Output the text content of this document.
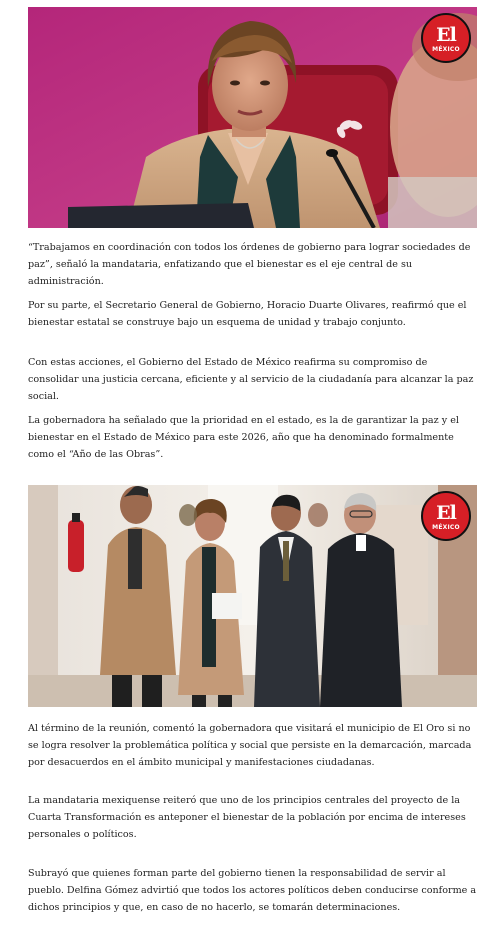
El
MÉXICO

“Trabajamos en coordinación con todos los órdenes de gobierno para lograr sociedades de paz”, señaló la mandataria, enfatizando que el bienestar es el eje central de su administración.

Por su parte, el Secretario General de Gobierno, Horacio Duarte Olivares, reafirmó que el bienestar estatal se construye bajo un esquema de unidad y trabajo conjunto.

Con estas acciones, el Gobierno del Estado de México reafirma su compromiso de consolidar una justicia cercana, eficiente y al servicio de la ciudadanía para alcanzar la paz social.

La gobernadora ha señalado que la prioridad en el estado, es la de garantizar la paz y el bienestar en el Estado de México para este 2026, año que ha denominado formalmente como el “Año de las Obras”.

El
MÉXICO

Al término de la reunión, comentó la gobernadora que visitará el municipio de El Oro si no se logra resolver la problemática política y social que persiste en la demarcación, marcada por desacuerdos en el ámbito municipal y manifestaciones ciudadanas.

La mandataria mexiquense reiteró que uno de los principios centrales del proyecto de la Cuarta Transformación es anteponer el bienestar de la población por encima de intereses personales o políticos.

Subrayó que quienes forman parte del gobierno tienen la responsabilidad de servir al pueblo. Delfina Gómez advirtió que todos los actores políticos deben conducirse conforme a dichos principios y que, en caso de no hacerlo, se tomarán determinaciones.
